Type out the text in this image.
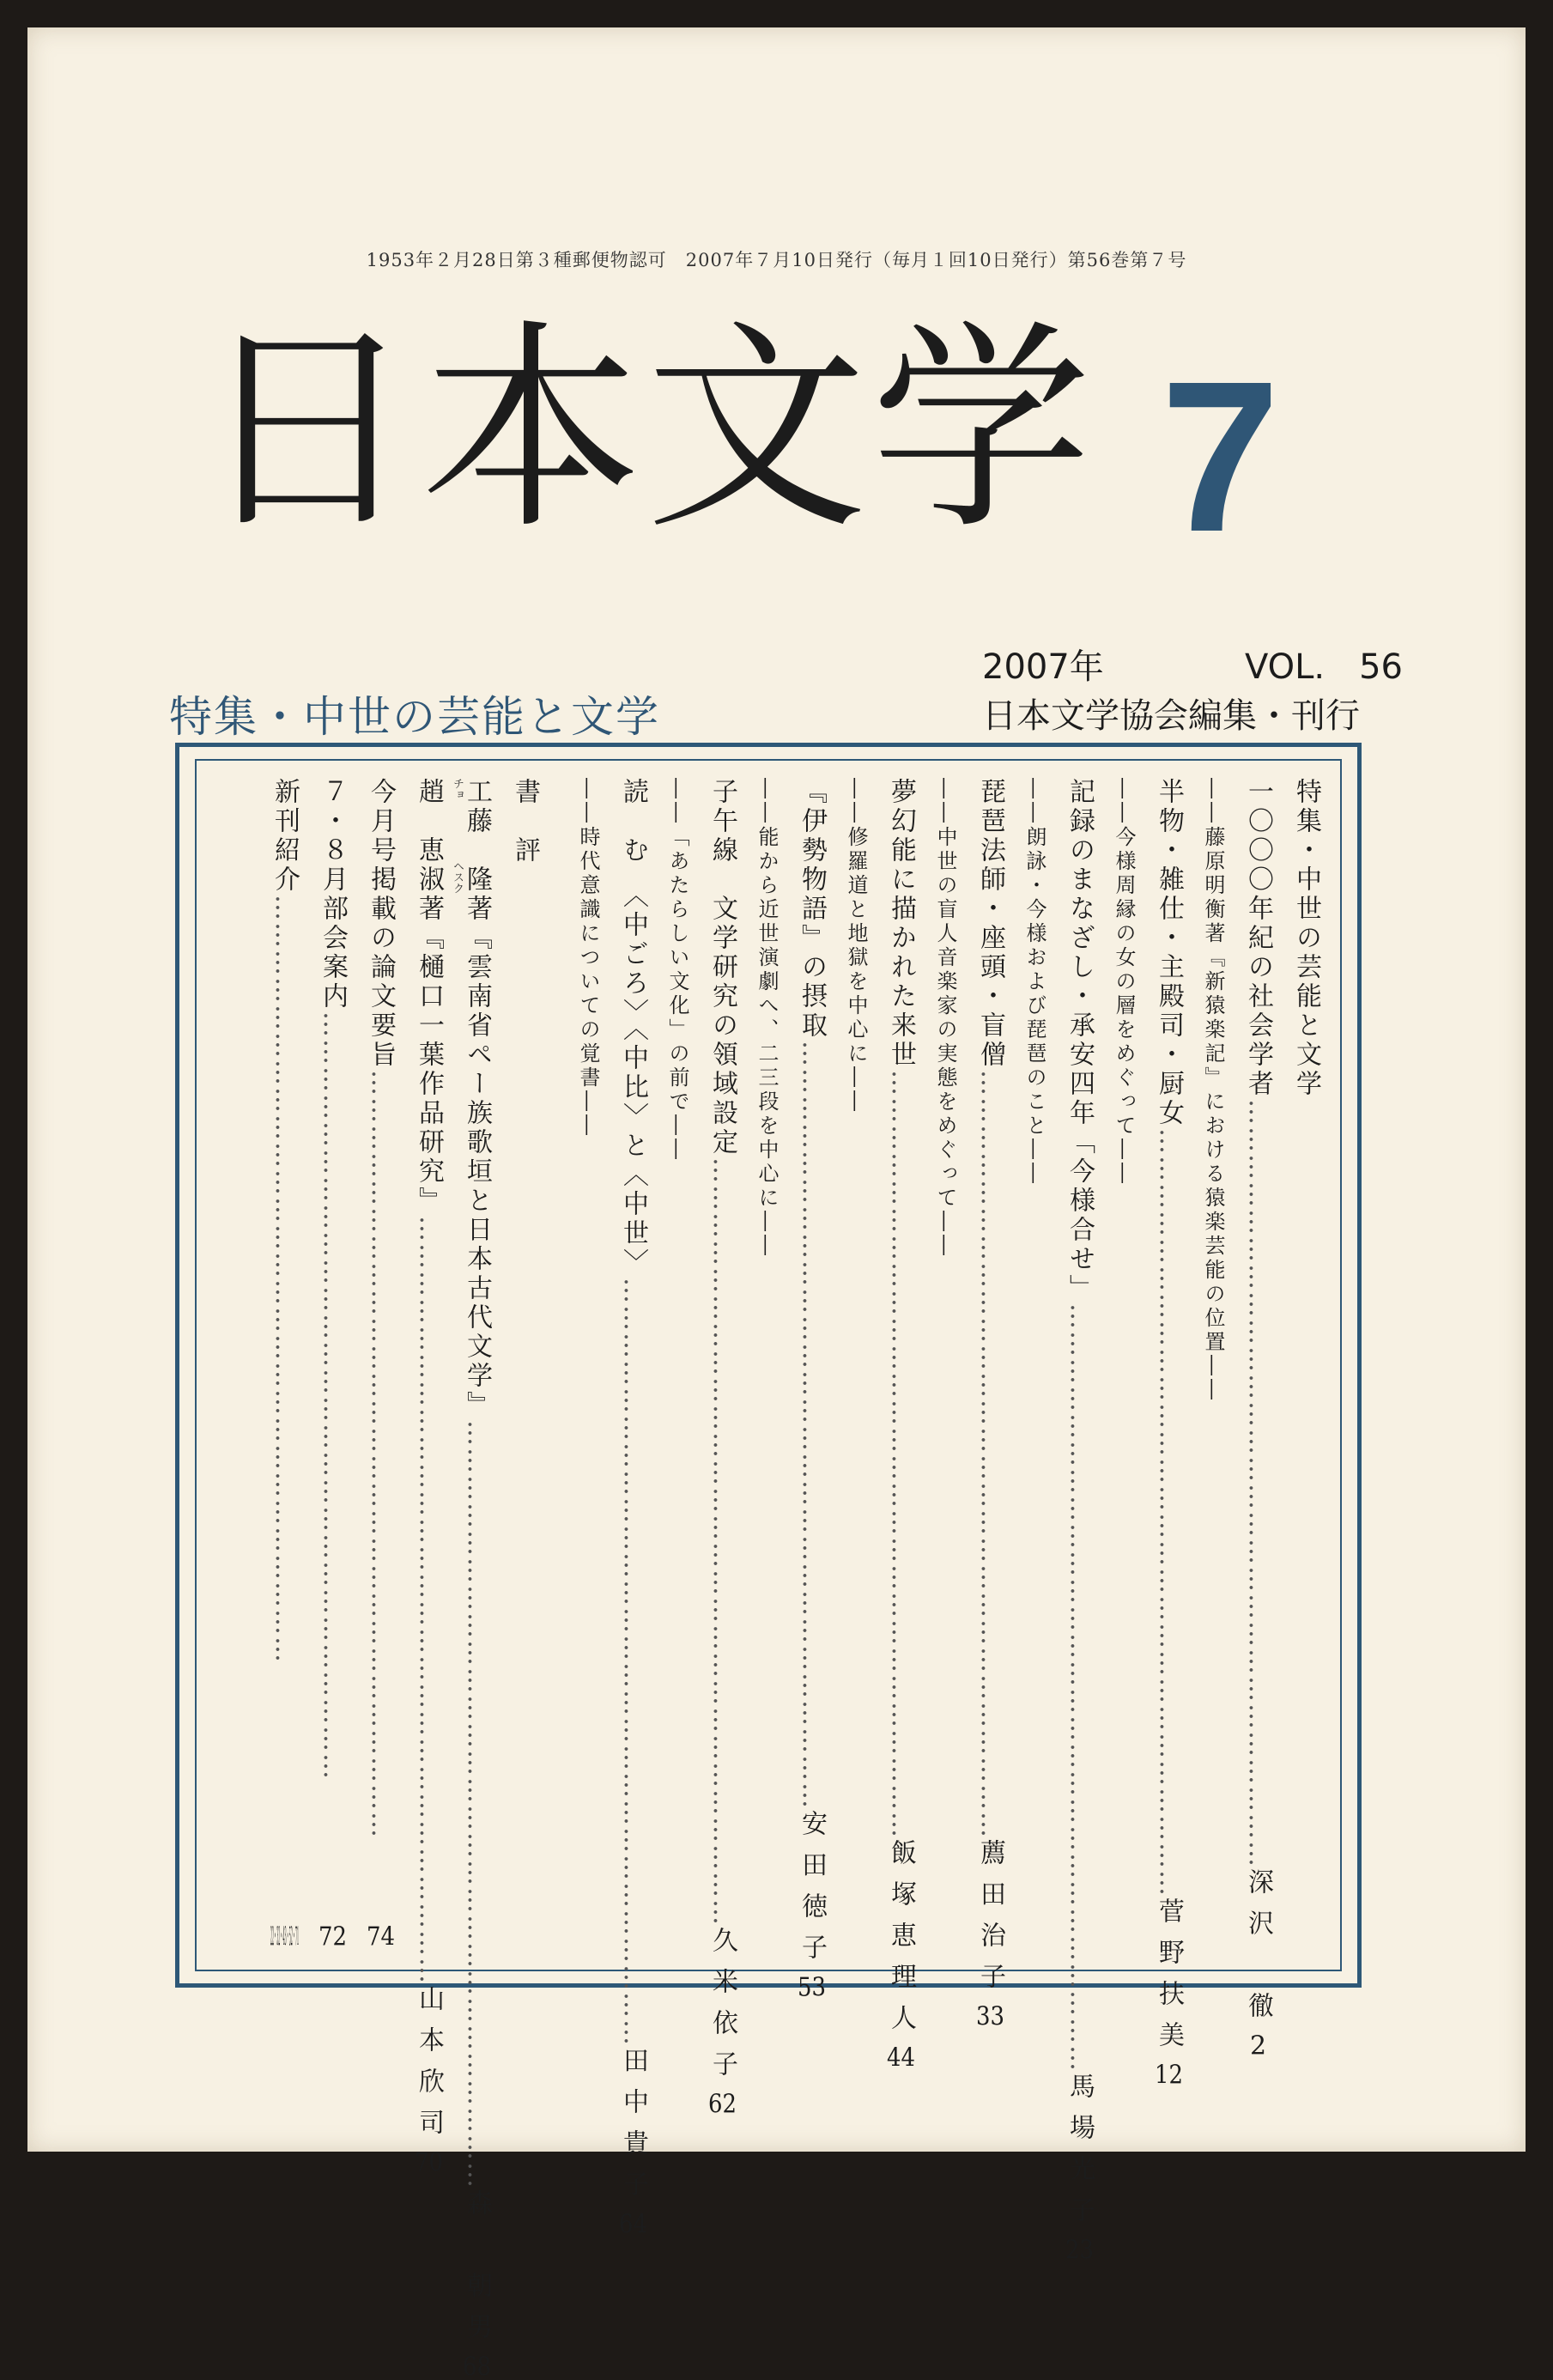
1953年２月28日第３種郵便物認可　2007年７月10日発行（毎月１回10日発行）第56巻第７号
日本文学 7
2007年	VOL.　56
日本文学協会編集・刊行
特集・中世の芸能と文学
特集・中世の芸能と文学
一〇〇〇年紀の社会学者
…………………………………………………………………………
深沢　徹
2
――藤原明衡著『新猿楽記』における猿楽芸能の位置――
半物・雑仕・主殿司・厨女
…………………………………………………………………………
菅野扶美
12
――今様周縁の女の層をめぐって――
記録のまなざし・承安四年「今様合せ」
…………………………………………………………………………
馬場光子
23
――朗詠・今様および琵琶のこと――
琵琶法師・座頭・盲僧
…………………………………………………………………………
薦田治子
33
――中世の盲人音楽家の実態をめぐって――
夢幻能に描かれた来世
…………………………………………………………………………
飯塚恵理人
44
――修羅道と地獄を中心に――
『伊勢物語』の摂取
…………………………………………………………………………
安田徳子
53
――能から近世演劇へ、二三段を中心に――
子午線　文学研究の領域設定
…………………………………………………………………………
久米依子
62
――「あたらしい文化」の前で――
読　む　〈中ごろ〉〈中比〉と〈中世〉
…………………………………………………………………………
田中貴子
64
――時代意識についての覚書――
書　評
工藤　隆著『雲南省ペー族歌垣と日本古代文学』
…………………………………………………………………………
森　朝男
68
趙　恵淑著『樋口一葉作品研究』 チョ
ヘスク
…………………………………………………………………………
山本欣司
70
今月号掲載の論文要旨
…………………………………………………………………………
74
７・８月部会案内
…………………………………………………………………………
72
新刊紹介
…………………………………………………………………………
22・32・43・52・71
